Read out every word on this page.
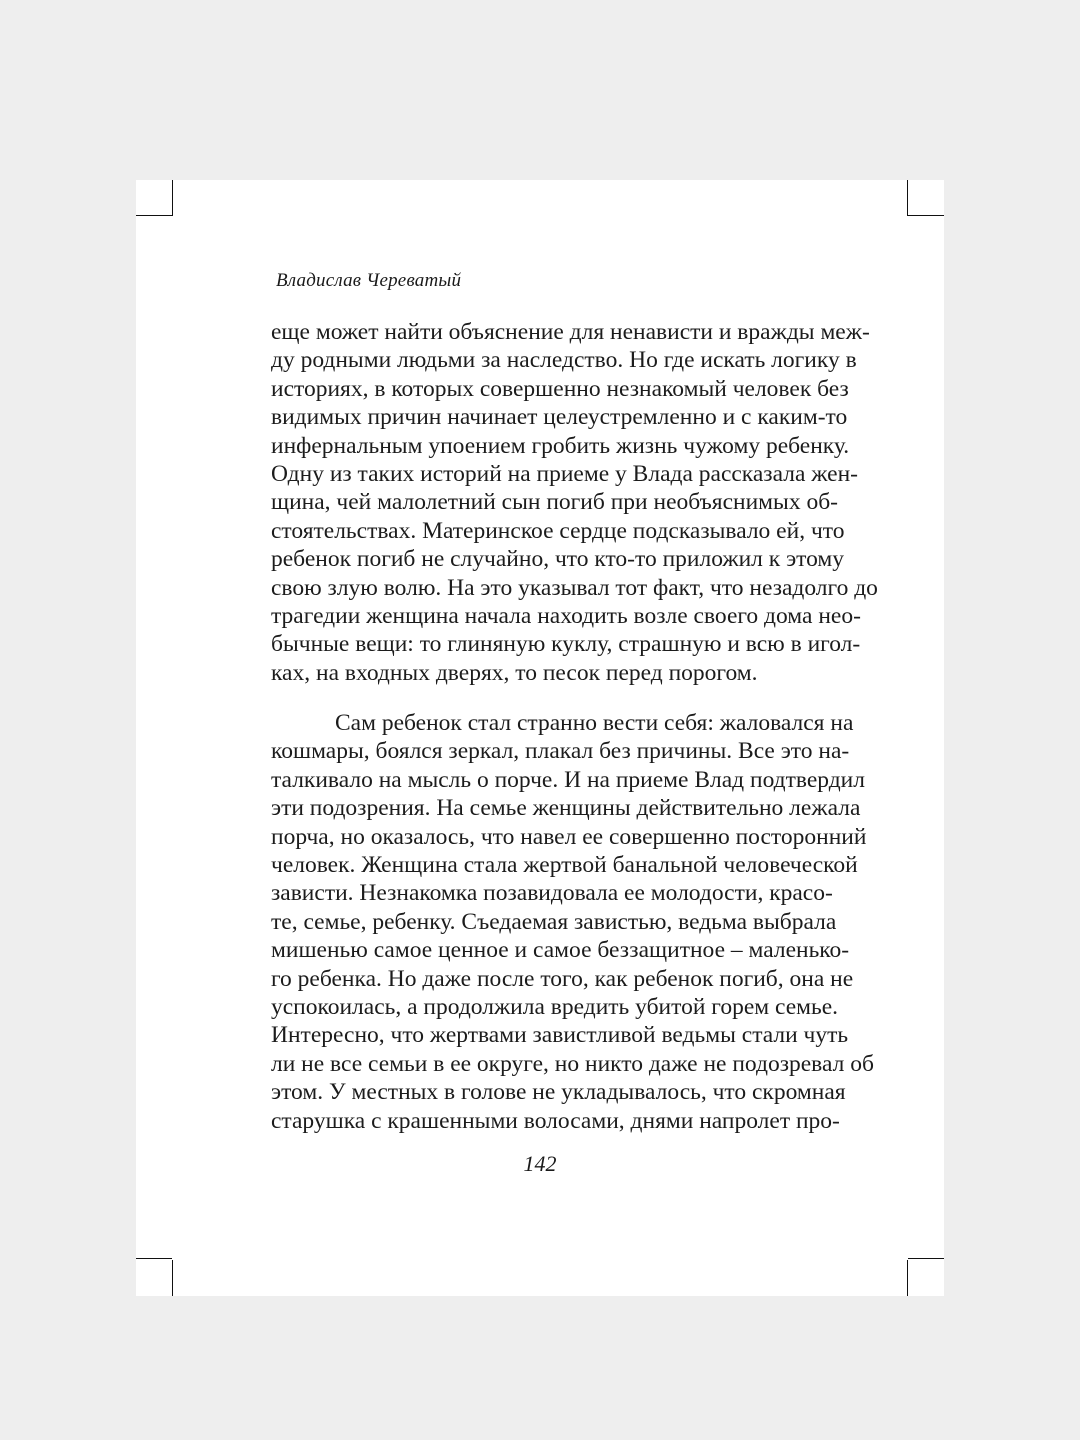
Владислав Череватый
еще может найти объяснение для ненависти и вражды меж-
ду родными людьми за наследство. Но где искать логику в
историях, в которых совершенно незнакомый человек без
видимых причин начинает целеустремленно и с каким-то
инфернальным упоением гробить жизнь чужому ребенку.
Одну из таких историй на приеме у Влада рассказала жен-
щина, чей малолетний сын погиб при необъяснимых об-
стоятельствах. Материнское сердце подсказывало ей, что
ребенок погиб не случайно, что кто-то приложил к этому
свою злую волю. На это указывал тот факт, что незадолго до
трагедии женщина начала находить возле своего дома нео-
бычные вещи: то глиняную куклу, страшную и всю в игол-
ках, на входных дверях, то песок перед порогом.
Сам ребенок стал странно вести себя: жаловался на
кошмары, боялся зеркал, плакал без причины. Все это на-
талкивало на мысль о порче. И на приеме Влад подтвердил
эти подозрения. На семье женщины действительно лежала
порча, но оказалось, что навел ее совершенно посторонний
человек. Женщина стала жертвой банальной человеческой
зависти. Незнакомка позавидовала ее молодости, красо-
те, семье, ребенку. Съедаемая завистью, ведьма выбрала
мишенью самое ценное и самое беззащитное – маленько-
го ребенка. Но даже после того, как ребенок погиб, она не
успокоилась, а продолжила вредить убитой горем семье.
Интересно, что жертвами завистливой ведьмы стали чуть
ли не все семьи в ее округе, но никто даже не подозревал об
этом. У местных в голове не укладывалось, что скромная
старушка с крашенными волосами, днями напролет про-
142
